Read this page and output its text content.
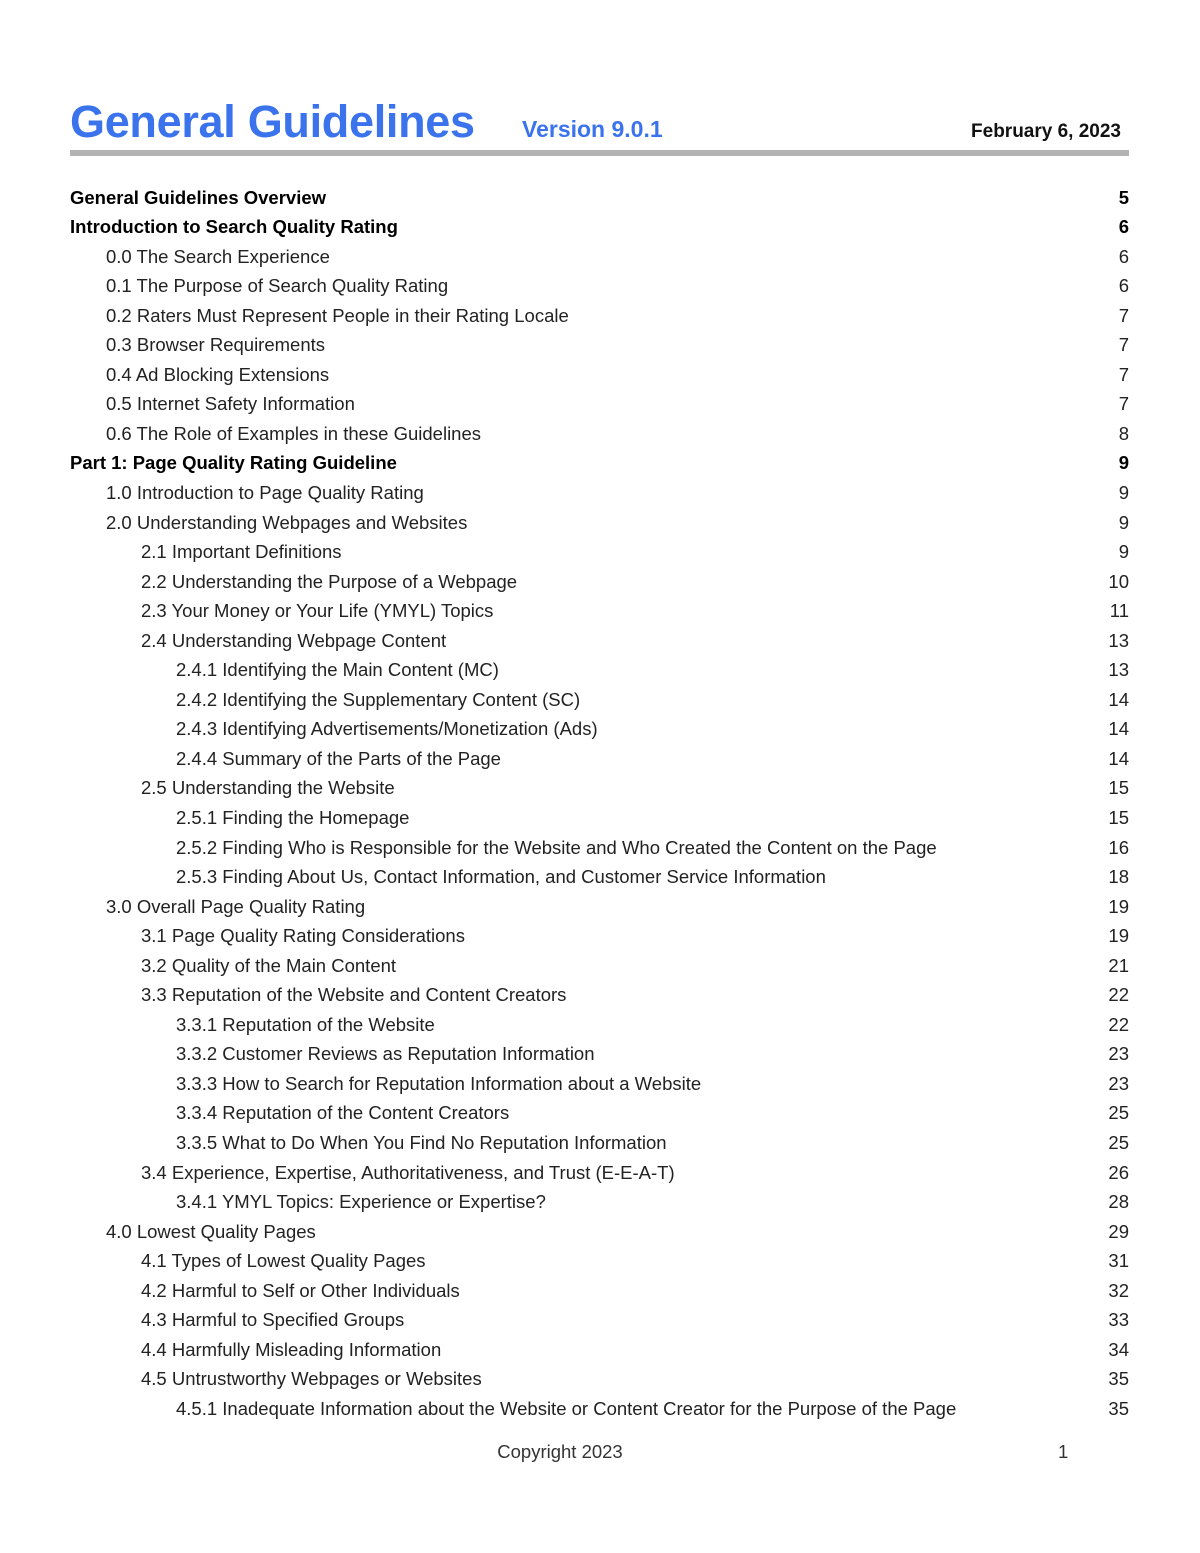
General Guidelines Version 9.0.1	February 6, 2023
General Guidelines Overview	5
Introduction to Search Quality Rating	6
0.0 The Search Experience	6
0.1 The Purpose of Search Quality Rating	6
0.2 Raters Must Represent People in their Rating Locale	7
0.3 Browser Requirements	7
0.4 Ad Blocking Extensions	7
0.5 Internet Safety Information	7
0.6 The Role of Examples in these Guidelines	8
Part 1: Page Quality Rating Guideline	9
1.0 Introduction to Page Quality Rating	9
2.0 Understanding Webpages and Websites	9
2.1 Important Definitions	9
2.2 Understanding the Purpose of a Webpage	10
2.3 Your Money or Your Life (YMYL) Topics	11
2.4 Understanding Webpage Content	13
2.4.1 Identifying the Main Content (MC)	13
2.4.2 Identifying the Supplementary Content (SC)	14
2.4.3 Identifying Advertisements/Monetization (Ads)	14
2.4.4 Summary of the Parts of the Page	14
2.5 Understanding the Website	15
2.5.1 Finding the Homepage	15
2.5.2 Finding Who is Responsible for the Website and Who Created the Content on the Page	16
2.5.3 Finding About Us, Contact Information, and Customer Service Information	18
3.0 Overall Page Quality Rating	19
3.1 Page Quality Rating Considerations	19
3.2 Quality of the Main Content	21
3.3 Reputation of the Website and Content Creators	22
3.3.1 Reputation of the Website	22
3.3.2 Customer Reviews as Reputation Information	23
3.3.3 How to Search for Reputation Information about a Website	23
3.3.4 Reputation of the Content Creators	25
3.3.5 What to Do When You Find No Reputation Information	25
3.4 Experience, Expertise, Authoritativeness, and Trust (E-E-A-T)	26
3.4.1 YMYL Topics: Experience or Expertise?	28
4.0 Lowest Quality Pages	29
4.1 Types of Lowest Quality Pages	31
4.2 Harmful to Self or Other Individuals	32
4.3 Harmful to Specified Groups	33
4.4 Harmfully Misleading Information	34
4.5 Untrustworthy Webpages or Websites	35
4.5.1 Inadequate Information about the Website or Content Creator for the Purpose of the Page	35
Copyright 2023	1
